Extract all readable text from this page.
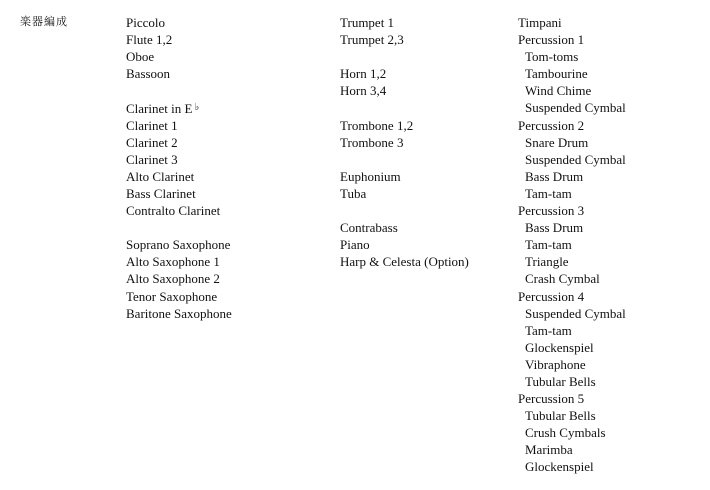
楽器編成	Piccolo
Flute 1,2
Oboe
Bassoon
Clarinet in E ♭
Clarinet 1
Clarinet 2
Clarinet 3
Alto Clarinet
Bass Clarinet
Contralto Clarinet
Soprano Saxophone
Alto Saxophone 1
Alto Saxophone 2
Tenor Saxophone
Baritone Saxophone
Trumpet 1
Trumpet 2,3
Horn 1,2
Horn 3,4
Trombone 1,2
Trombone 3
Euphonium
Tuba
Contrabass
Piano
Harp & Celesta (Option)
Timpani
Percussion 1
Tom-toms
Tambourine
Wind Chime
Suspended Cymbal
Percussion 2
Snare Drum
Suspended Cymbal
Bass Drum
Tam-tam
Percussion 3
Bass Drum
Tam-tam
Triangle
Crash Cymbal
Percussion 4
Suspended Cymbal
Tam-tam
Glockenspiel
Vibraphone
Tubular Bells
Percussion 5
Tubular Bells
Crush Cymbals
Marimba
Glockenspiel
